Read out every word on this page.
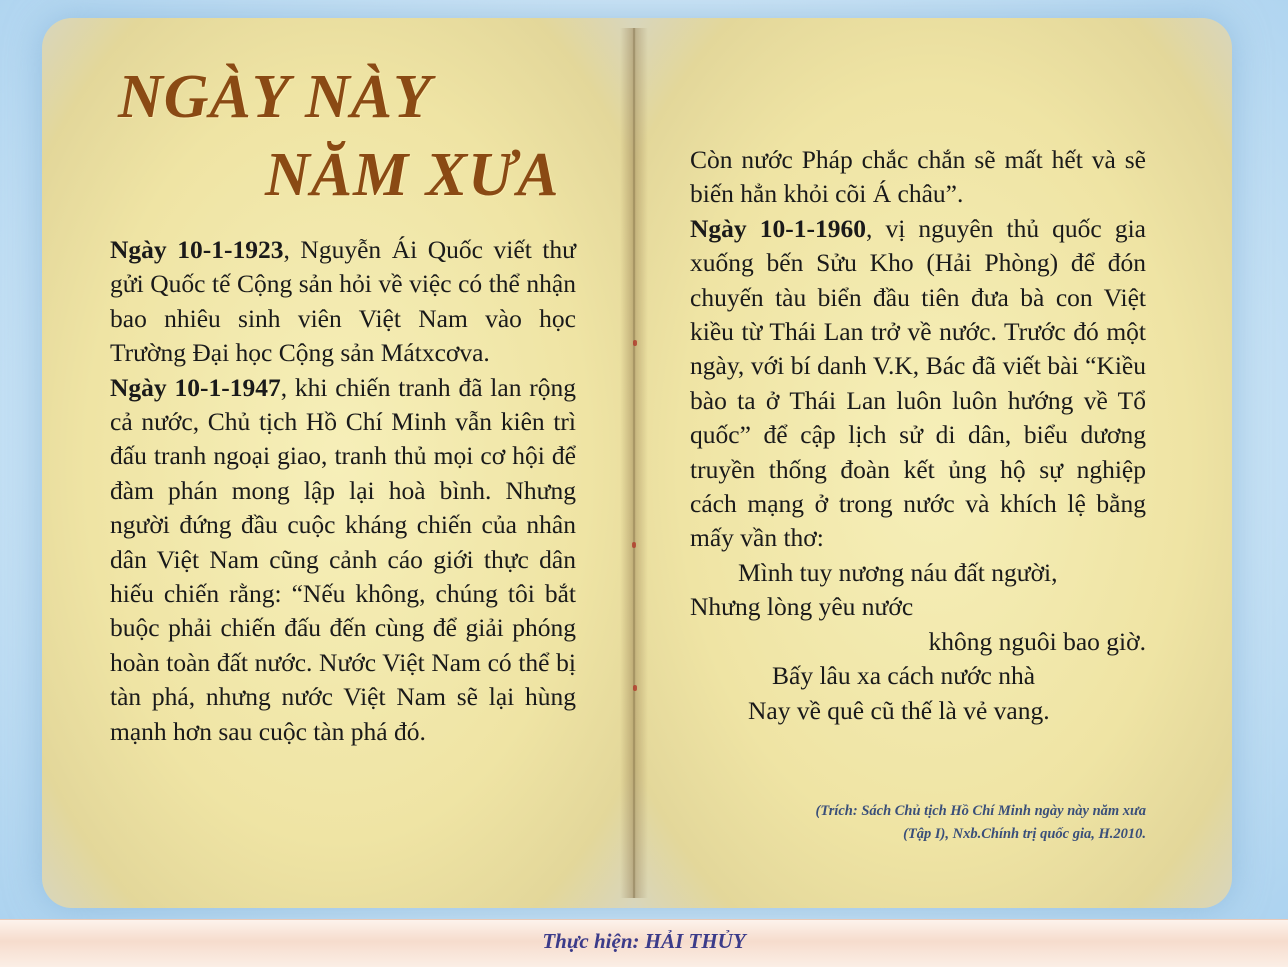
NGÀY NÀY
NĂM XƯA

Ngày 10-1-1923, Nguyễn Ái Quốc viết thư gửi Quốc tế Cộng sản hỏi về việc có thể nhận bao nhiêu sinh viên Việt Nam vào học Trường Đại học Cộng sản Mátxcơva.

Ngày 10-1-1947, khi chiến tranh đã lan rộng cả nước, Chủ tịch Hồ Chí Minh vẫn kiên trì đấu tranh ngoại giao, tranh thủ mọi cơ hội để đàm phán mong lập lại hoà bình. Nhưng người đứng đầu cuộc kháng chiến của nhân dân Việt Nam cũng cảnh cáo giới thực dân hiếu chiến rằng: “Nếu không, chúng tôi bắt buộc phải chiến đấu đến cùng để giải phóng hoàn toàn đất nước. Nước Việt Nam có thể bị tàn phá, nhưng nước Việt Nam sẽ lại hùng mạnh hơn sau cuộc tàn phá đó.

Còn nước Pháp chắc chắn sẽ mất hết và sẽ biến hẳn khỏi cõi Á châu”.

Ngày 10-1-1960, vị nguyên thủ quốc gia xuống bến Sửu Kho (Hải Phòng) để đón chuyến tàu biển đầu tiên đưa bà con Việt kiều từ Thái Lan trở về nước. Trước đó một ngày, với bí danh V.K, Bác đã viết bài “Kiều bào ta ở Thái Lan luôn luôn hướng về Tổ quốc” để cập lịch sử di dân, biểu dương truyền thống đoàn kết ủng hộ sự nghiệp cách mạng ở trong nước và khích lệ bằng mấy vần thơ:

Mình tuy nương náu đất người,
Nhưng lòng yêu nước
không nguôi bao giờ.
Bấy lâu xa cách nước nhà
Nay về quê cũ thế là vẻ vang.
(Trích: Sách Chủ tịch Hồ Chí Minh ngày này năm xưa
(Tập I), Nxb.Chính trị quốc gia, H.2010.

Thực hiện: HẢI THỦY
